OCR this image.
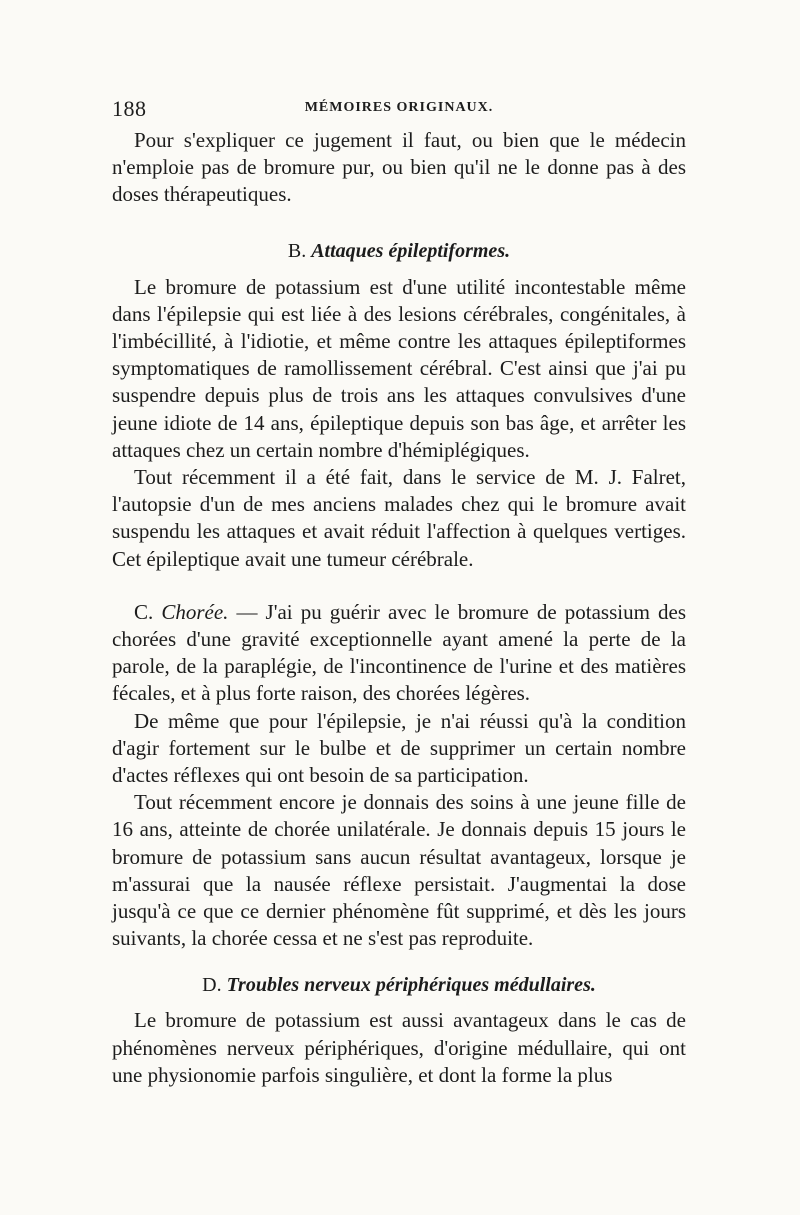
188	MÉMOIRES ORIGINAUX.

Pour s'expliquer ce jugement il faut, ou bien que le médecin n'emploie pas de bromure pur, ou bien qu'il ne le donne pas à des doses thérapeutiques.

B. Attaques épileptiformes.

Le bromure de potassium est d'une utilité incontestable même dans l'épilepsie qui est liée à des lesions cérébrales, congénitales, à l'imbécillité, à l'idiotie, et même contre les attaques épileptiformes symptomatiques de ramollissement cérébral. C'est ainsi que j'ai pu suspendre depuis plus de trois ans les attaques convulsives d'une jeune idiote de 14 ans, épileptique depuis son bas âge, et arrêter les attaques chez un certain nombre d'hémiplégiques.

Tout récemment il a été fait, dans le service de M. J. Falret, l'autopsie d'un de mes anciens malades chez qui le bromure avait suspendu les attaques et avait réduit l'affection à quelques vertiges. Cet épileptique avait une tumeur cérébrale.

C. Chorée. — J'ai pu guérir avec le bromure de potassium des chorées d'une gravité exceptionnelle ayant amené la perte de la parole, de la paraplégie, de l'incontinence de l'urine et des matières fécales, et à plus forte raison, des chorées légères.

De même que pour l'épilepsie, je n'ai réussi qu'à la condition d'agir fortement sur le bulbe et de supprimer un certain nombre d'actes réflexes qui ont besoin de sa participation.

Tout récemment encore je donnais des soins à une jeune fille de 16 ans, atteinte de chorée unilatérale. Je donnais depuis 15 jours le bromure de potassium sans aucun résultat avantageux, lorsque je m'assurai que la nausée réflexe persistait. J'augmentai la dose jusqu'à ce que ce dernier phénomène fût supprimé, et dès les jours suivants, la chorée cessa et ne s'est pas reproduite.

D. Troubles nerveux périphériques médullaires.

Le bromure de potassium est aussi avantageux dans le cas de phénomènes nerveux périphériques, d'origine médullaire, qui ont une physionomie parfois singulière, et dont la forme la plus
